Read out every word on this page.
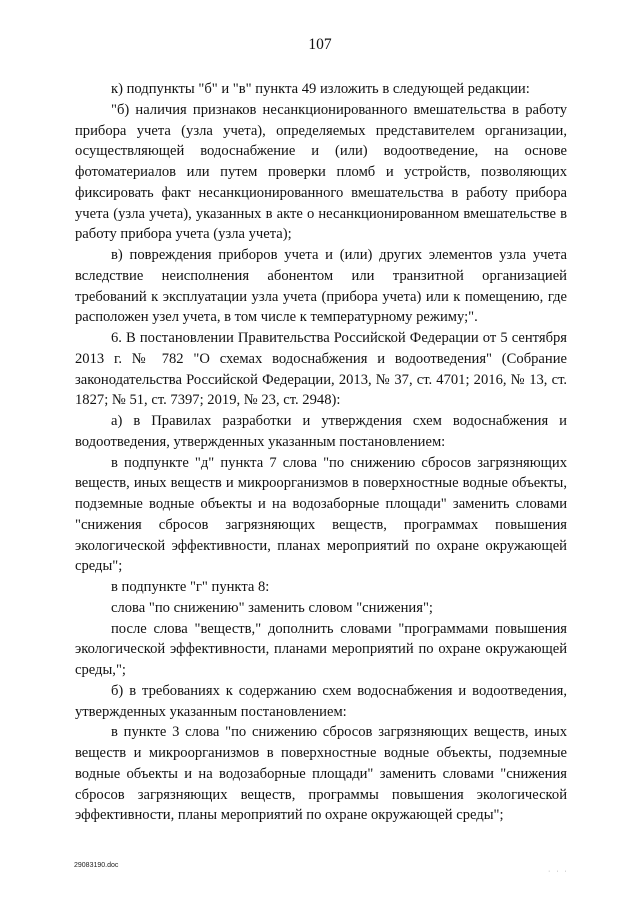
107

к) подпункты "б" и "в" пункта 49 изложить в следующей редакции:

"б) наличия признаков несанкционированного вмешательства в работу прибора учета (узла учета), определяемых представителем организации, осуществляющей водоснабжение и (или) водоотведение, на основе фотоматериалов или путем проверки пломб и устройств, позволяющих фиксировать факт несанкционированного вмешательства в работу прибора учета (узла учета), указанных в акте о несанкционированном вмешательстве в работу прибора учета (узла учета);

в) повреждения приборов учета и (или) других элементов узла учета вследствие неисполнения абонентом или транзитной организацией требований к эксплуатации узла учета (прибора учета) или к помещению, где расположен узел учета, в том числе к температурному режиму;".

6. В постановлении Правительства Российской Федерации от 5 сентября 2013 г. № 782 "О схемах водоснабжения и водоотведения" (Собрание законодательства Российской Федерации, 2013, № 37, ст. 4701; 2016, № 13, ст. 1827; № 51, ст. 7397; 2019, № 23, ст. 2948):

а) в Правилах разработки и утверждения схем водоснабжения и водоотведения, утвержденных указанным постановлением:

в подпункте "д" пункта 7 слова "по снижению сбросов загрязняющих веществ, иных веществ и микроорганизмов в поверхностные водные объекты, подземные водные объекты и на водозаборные площади" заменить словами "снижения сбросов загрязняющих веществ, программах повышения экологической эффективности, планах мероприятий по охране окружающей среды";

в подпункте "г" пункта 8:

слова "по снижению" заменить словом "снижения";

после слова "веществ," дополнить словами "программами повышения экологической эффективности, планами мероприятий по охране окружающей среды,";

б) в требованиях к содержанию схем водоснабжения и водоотведения, утвержденных указанным постановлением:

в пункте 3 слова "по снижению сбросов загрязняющих веществ, иных веществ и микроорганизмов в поверхностные водные объекты, подземные водные объекты и на водозаборные площади" заменить словами "снижения сбросов загрязняющих веществ, программы повышения экологической эффективности, планы мероприятий по охране окружающей среды";

29083190.doc
· · ·
